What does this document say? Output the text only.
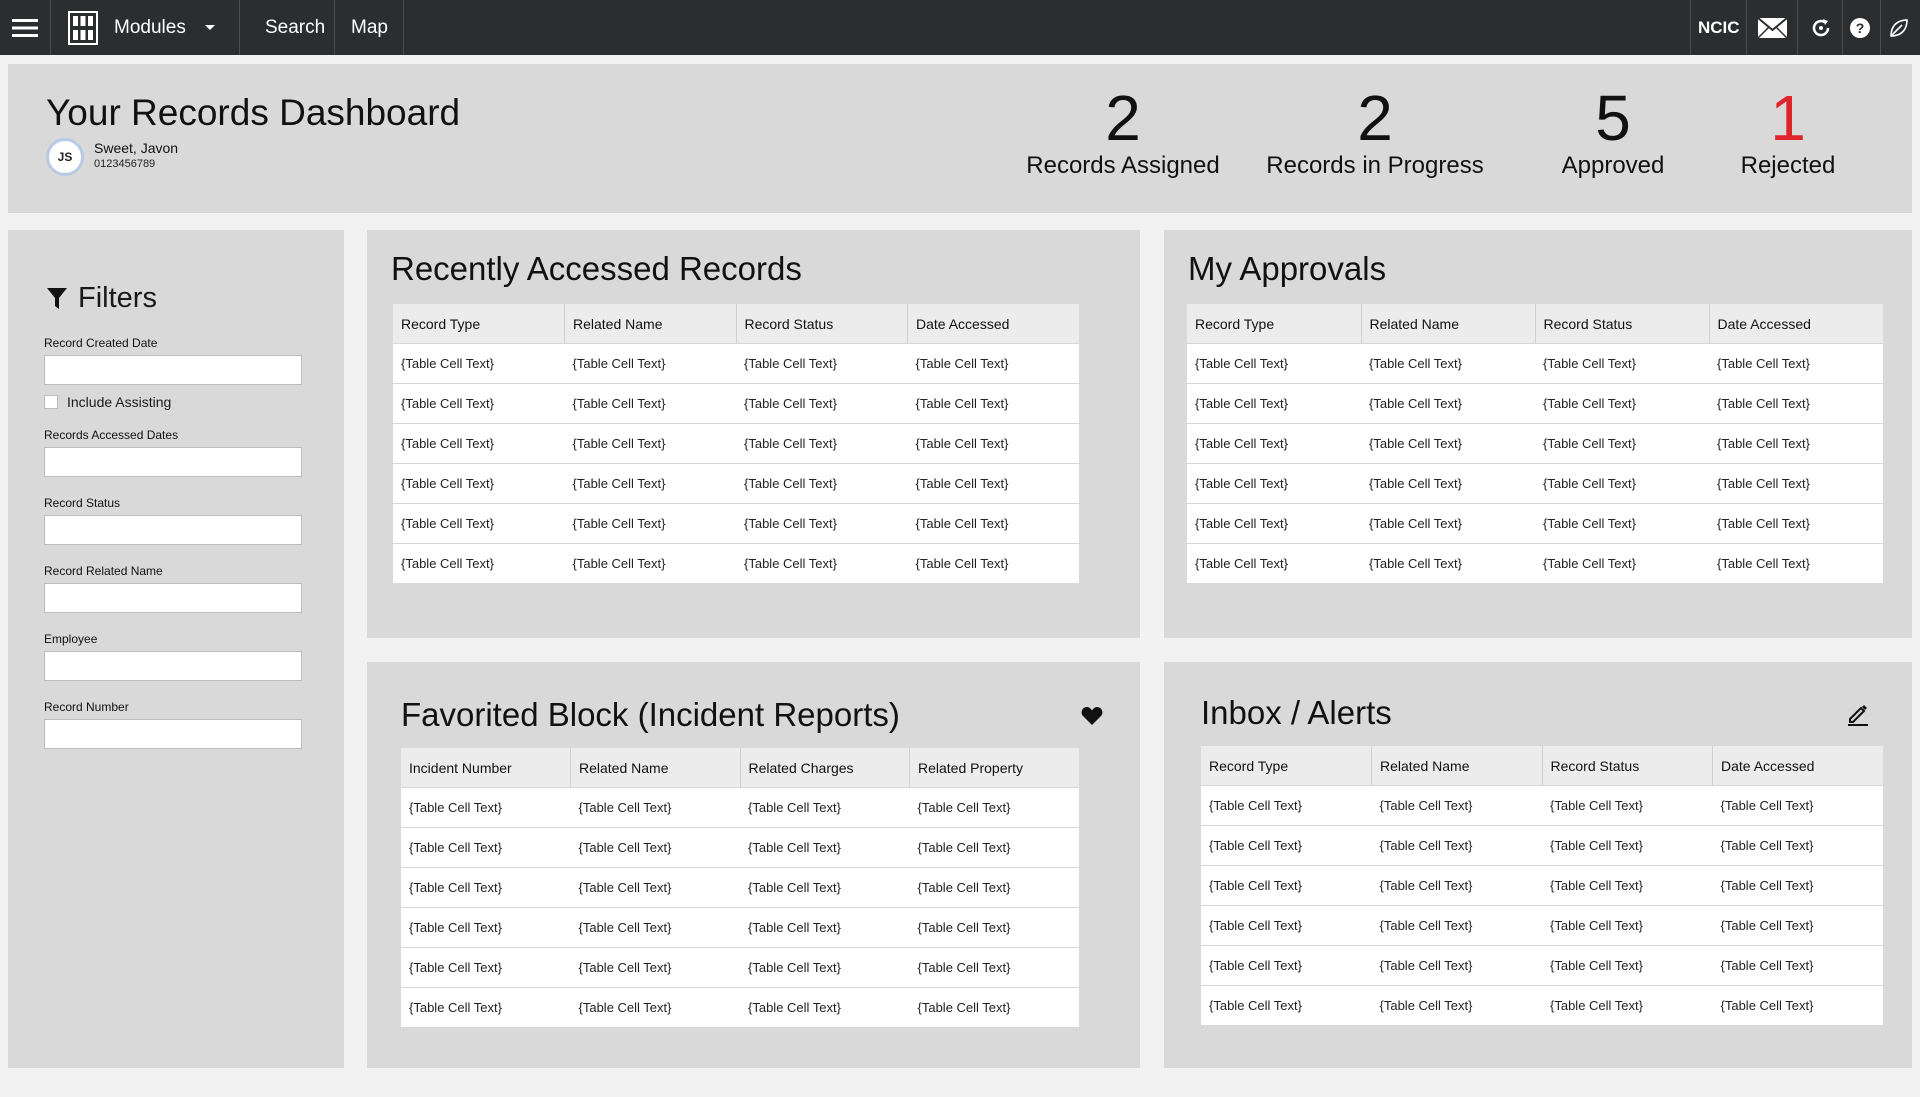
Modules	Search Map	NCIC	?
Your Records Dashboard
JS
Sweet, Javon
0123456789
2
Records Assigned
2
Records in Progress
5
Approved
1
Rejected
Filters
Record Created Date
Include Assisting
Records Accessed Dates
Record Status
Record Related Name
Employee
Record Number
Recently Accessed Records
Record Type	Related Name	Record Status	Date Accessed
{Table Cell Text}	{Table Cell Text}	{Table Cell Text}	{Table Cell Text}
{Table Cell Text}	{Table Cell Text}	{Table Cell Text}	{Table Cell Text}
{Table Cell Text}	{Table Cell Text}	{Table Cell Text}	{Table Cell Text}
{Table Cell Text}	{Table Cell Text}	{Table Cell Text}	{Table Cell Text}
{Table Cell Text}	{Table Cell Text}	{Table Cell Text}	{Table Cell Text}
{Table Cell Text}	{Table Cell Text}	{Table Cell Text}	{Table Cell Text}
My Approvals
Record Type	Related Name	Record Status	Date Accessed
{Table Cell Text}	{Table Cell Text}	{Table Cell Text}	{Table Cell Text}
{Table Cell Text}	{Table Cell Text}	{Table Cell Text}	{Table Cell Text}
{Table Cell Text}	{Table Cell Text}	{Table Cell Text}	{Table Cell Text}
{Table Cell Text}	{Table Cell Text}	{Table Cell Text}	{Table Cell Text}
{Table Cell Text}	{Table Cell Text}	{Table Cell Text}	{Table Cell Text}
{Table Cell Text}	{Table Cell Text}	{Table Cell Text}	{Table Cell Text}
Favorited Block (Incident Reports)
Incident Number	Related Name	Related Charges	Related Property
{Table Cell Text}	{Table Cell Text}	{Table Cell Text}	{Table Cell Text}
{Table Cell Text}	{Table Cell Text}	{Table Cell Text}	{Table Cell Text}
{Table Cell Text}	{Table Cell Text}	{Table Cell Text}	{Table Cell Text}
{Table Cell Text}	{Table Cell Text}	{Table Cell Text}	{Table Cell Text}
{Table Cell Text}	{Table Cell Text}	{Table Cell Text}	{Table Cell Text}
{Table Cell Text}	{Table Cell Text}	{Table Cell Text}	{Table Cell Text}
Inbox / Alerts
Record Type	Related Name	Record Status	Date Accessed
{Table Cell Text}	{Table Cell Text}	{Table Cell Text}	{Table Cell Text}
{Table Cell Text}	{Table Cell Text}	{Table Cell Text}	{Table Cell Text}
{Table Cell Text}	{Table Cell Text}	{Table Cell Text}	{Table Cell Text}
{Table Cell Text}	{Table Cell Text}	{Table Cell Text}	{Table Cell Text}
{Table Cell Text}	{Table Cell Text}	{Table Cell Text}	{Table Cell Text}
{Table Cell Text}	{Table Cell Text}	{Table Cell Text}	{Table Cell Text}
